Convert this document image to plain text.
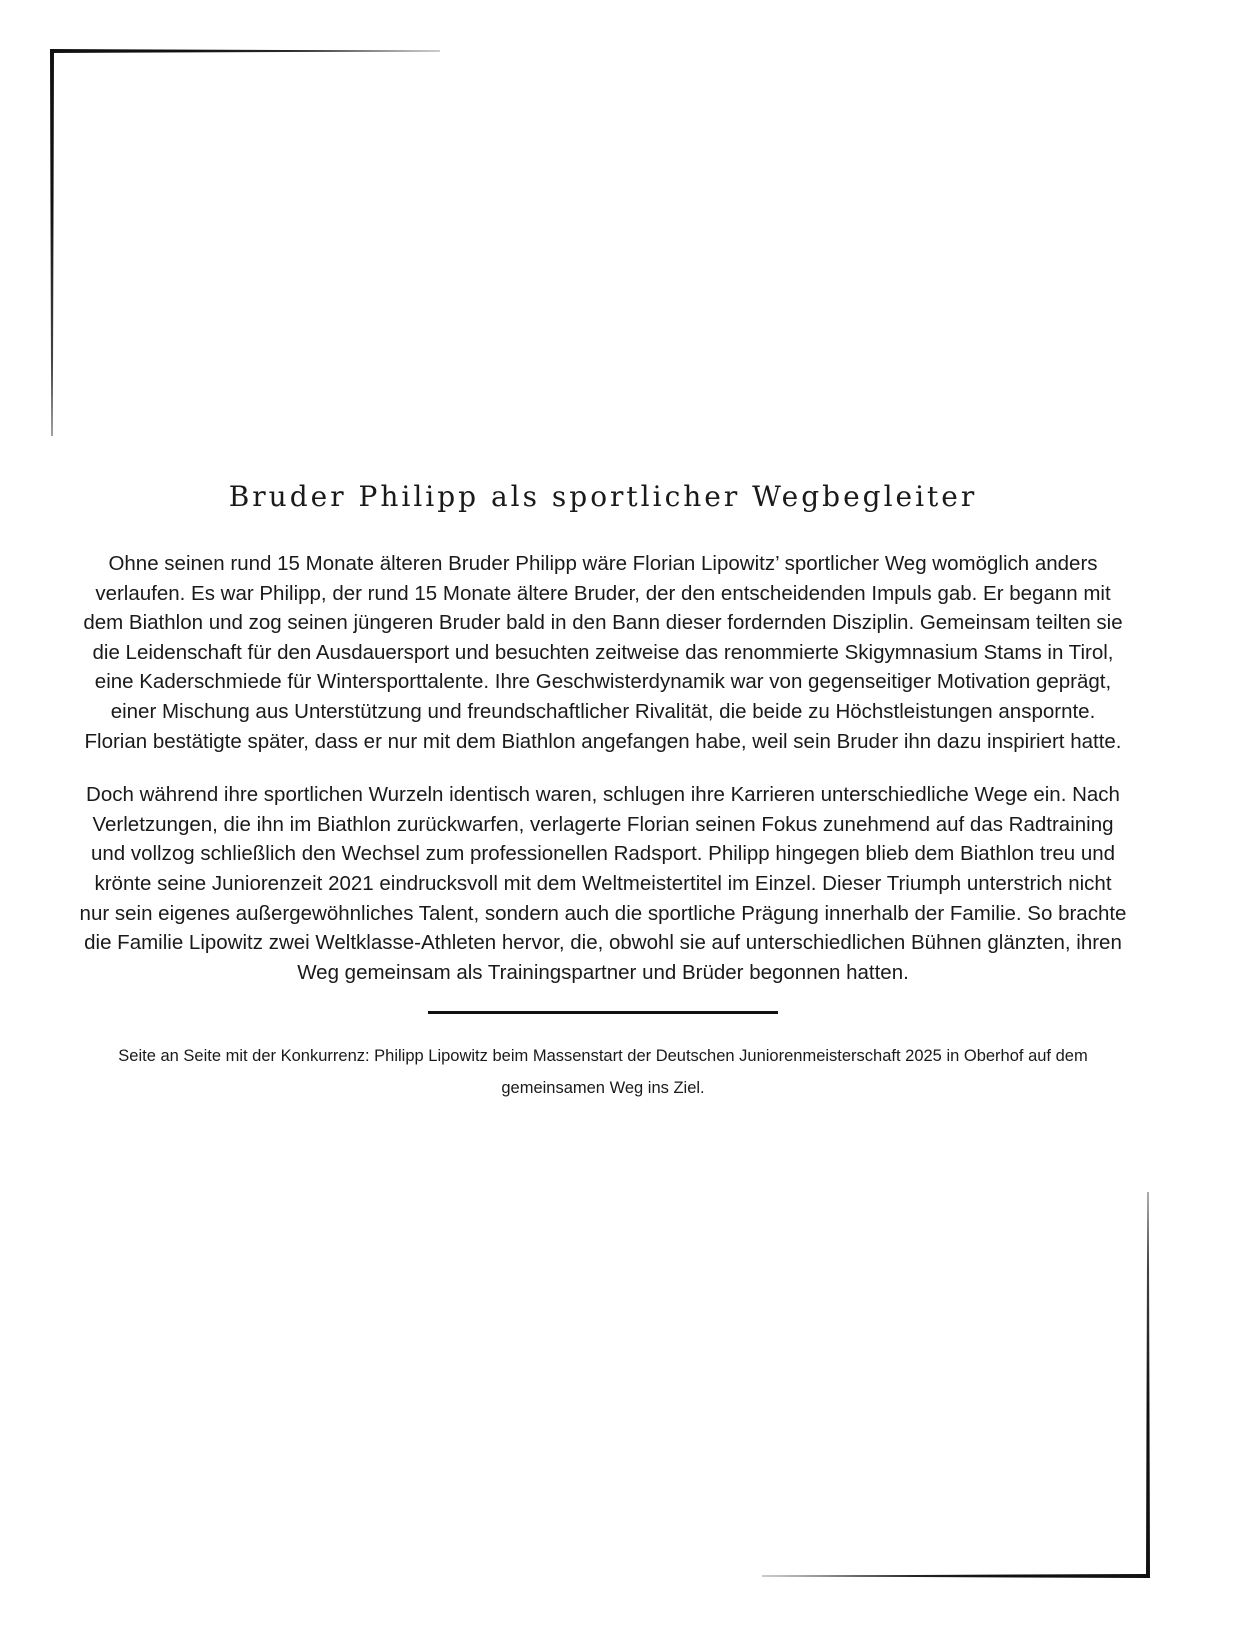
Bruder Philipp als sportlicher Wegbegleiter

Ohne seinen rund 15 Monate älteren Bruder Philipp wäre Florian Lipowitz’ sportlicher Weg womöglich anders verlaufen. Es war Philipp, der rund 15 Monate ältere Bruder, der den entscheidenden Impuls gab. Er begann mit dem Biathlon und zog seinen jüngeren Bruder bald in den Bann dieser fordernden Disziplin. Gemeinsam teilten sie die Leidenschaft für den Ausdauersport und besuchten zeitweise das renommierte Skigymnasium Stams in Tirol, eine Kaderschmiede für Wintersporttalente. Ihre Geschwisterdynamik war von gegenseitiger Motivation geprägt, einer Mischung aus Unterstützung und freundschaftlicher Rivalität, die beide zu Höchstleistungen anspornte. Florian bestätigte später, dass er nur mit dem Biathlon angefangen habe, weil sein Bruder ihn dazu inspiriert hatte.

Doch während ihre sportlichen Wurzeln identisch waren, schlugen ihre Karrieren unterschiedliche Wege ein. Nach Verletzungen, die ihn im Biathlon zurückwarfen, verlagerte Florian seinen Fokus zunehmend auf das Radtraining und vollzog schließlich den Wechsel zum professionellen Radsport. Philipp hingegen blieb dem Biathlon treu und krönte seine Juniorenzeit 2021 eindrucksvoll mit dem Weltmeistertitel im Einzel. Dieser Triumph unterstrich nicht nur sein eigenes außergewöhnliches Talent, sondern auch die sportliche Prägung innerhalb der Familie. So brachte die Familie Lipowitz zwei Weltklasse-Athleten hervor, die, obwohl sie auf unterschiedlichen Bühnen glänzten, ihren Weg gemeinsam als Trainingspartner und Brüder begonnen hatten.

Seite an Seite mit der Konkurrenz: Philipp Lipowitz beim Massenstart der Deutschen Juniorenmeisterschaft 2025 in Oberhof auf dem gemeinsamen Weg ins Ziel.
